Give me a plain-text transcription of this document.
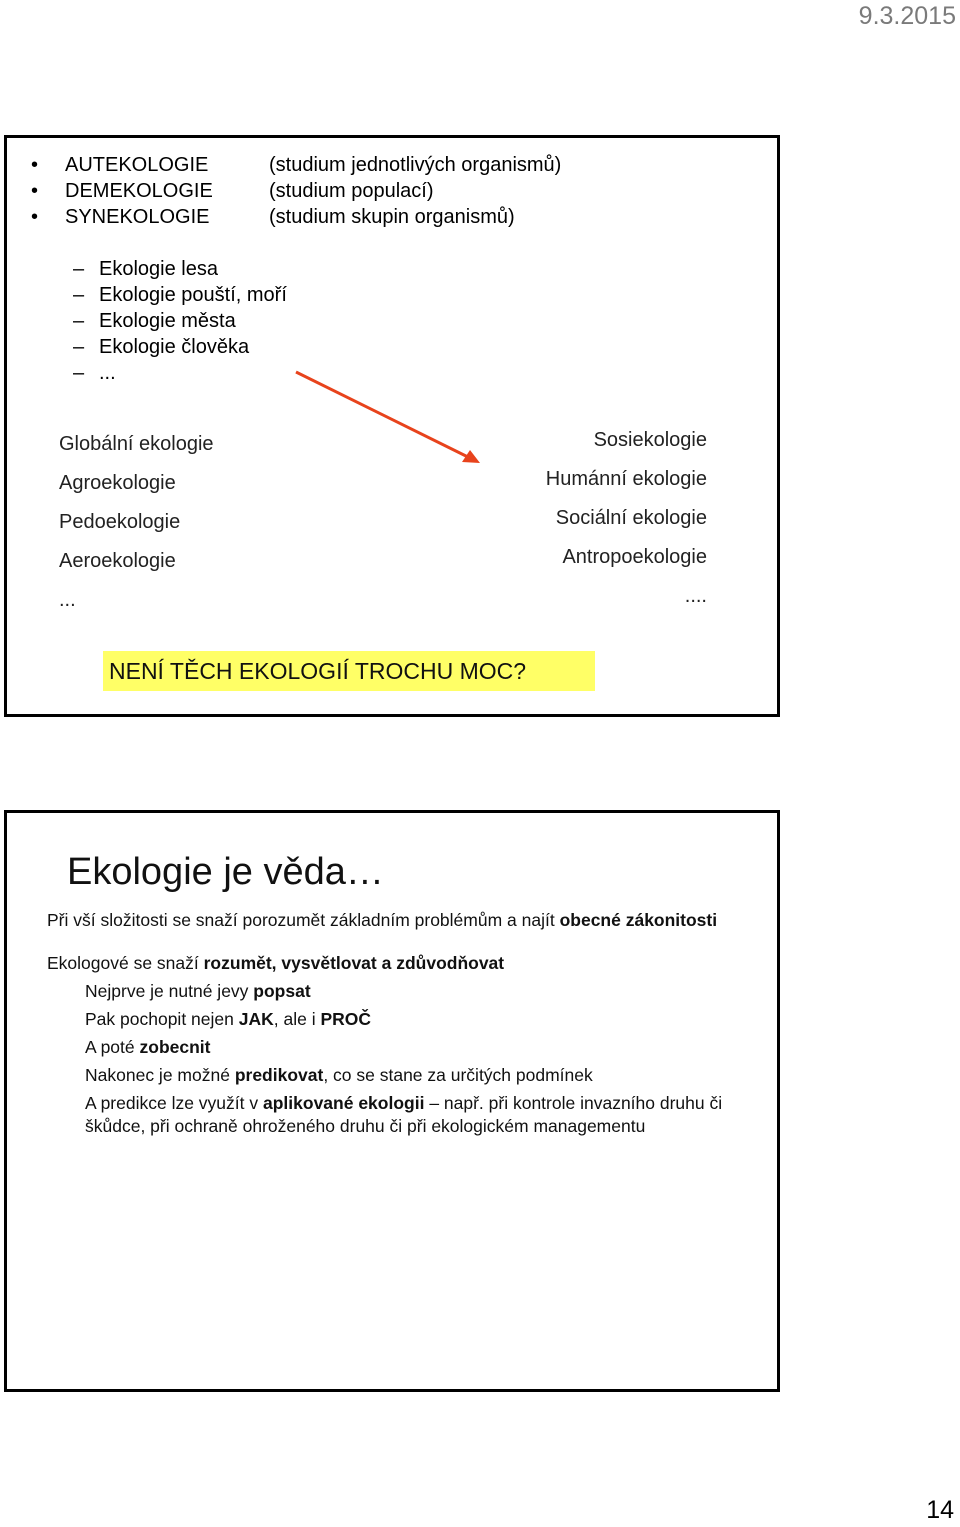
9.3.2015
• AUTEKOLOGIE	(studium jednotlivých organismů)
• DEMEKOLOGIE	(studium populací)
• SYNEKOLOGIE	(studium skupin organismů)
– Ekologie lesa
– Ekologie pouští, moří
– Ekologie města
– Ekologie člověka
– ...
Globální ekologie
Agroekologie
Pedoekologie
Aeroekologie
...
Sosiekologie
Humánní ekologie
Sociální ekologie
Antropoekologie
....
NENÍ TĚCH EKOLOGIÍ TROCHU MOC?
Ekologie je věda…

Při vší složitosti se snaží porozumět základním problémům a najít obecné zákonitosti

Ekologové se snaží rozumět, vysvětlovat a zdůvodňovat

Nejprve je nutné jevy popsat

Pak pochopit nejen JAK, ale i PROČ

A poté zobecnit

Nakonec je možné predikovat, co se stane za určitých podmínek

A predikce lze využít v aplikované ekologii – např. při kontrole invazního druhu či škůdce, při ochraně ohroženého druhu či při ekologickém managementu

14
